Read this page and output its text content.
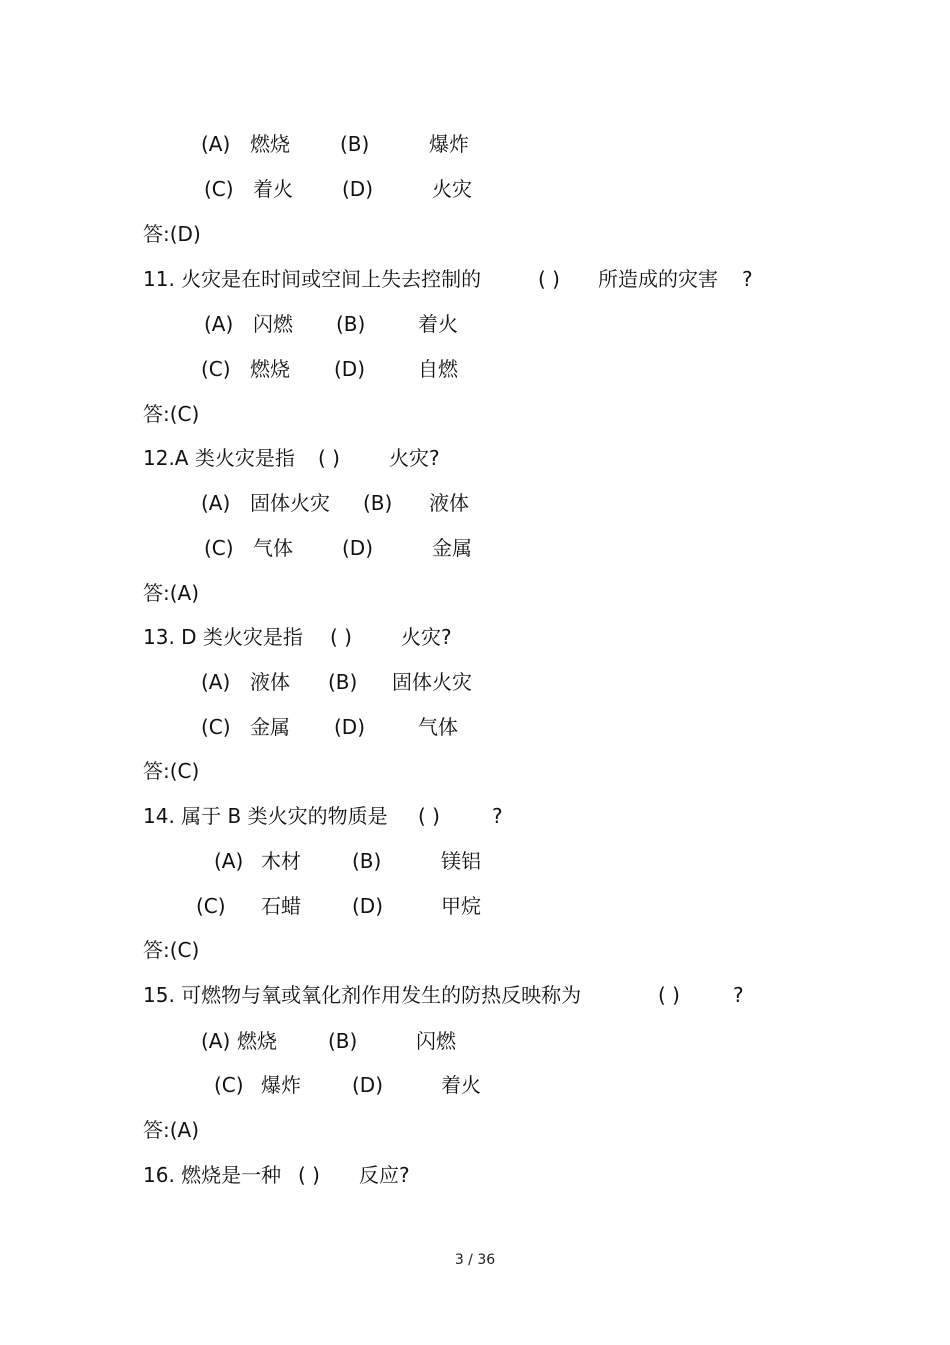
(A) 燃烧	(B)	爆炸
(C) 着火 (D)	火灾
答:(D)
11. 火灾是在时间或空间上失去控制的	( ) 所造成的灾害 ?
(A) 闪燃 (B)	着火
(C) 燃烧 (D)	自燃
答:(C)
12.A 类火灾是指 ( ) 火灾?
(A) 固体火灾 (B) 液体
(C) 气体 (D)	金属
答:(A)
13. D 类火灾是指 ( ) 火灾?
(A) 液体 (B) 固体火灾
(C) 金属 (D)	气体
答:(C)
14. 属于 B 类火灾的物质是 ( )	?
(A) 木材	(B)	镁铝
(C) 石蜡	(D)	甲烷
答:(C)
15. 可燃物与氧或氧化剂作用发生的防热反映称为	( )	?
(A) 燃烧	(B)	闪燃
(C) 爆炸	(D)	着火
答:(A)
16. 燃烧是一种 ( ) 反应?
3 / 36
